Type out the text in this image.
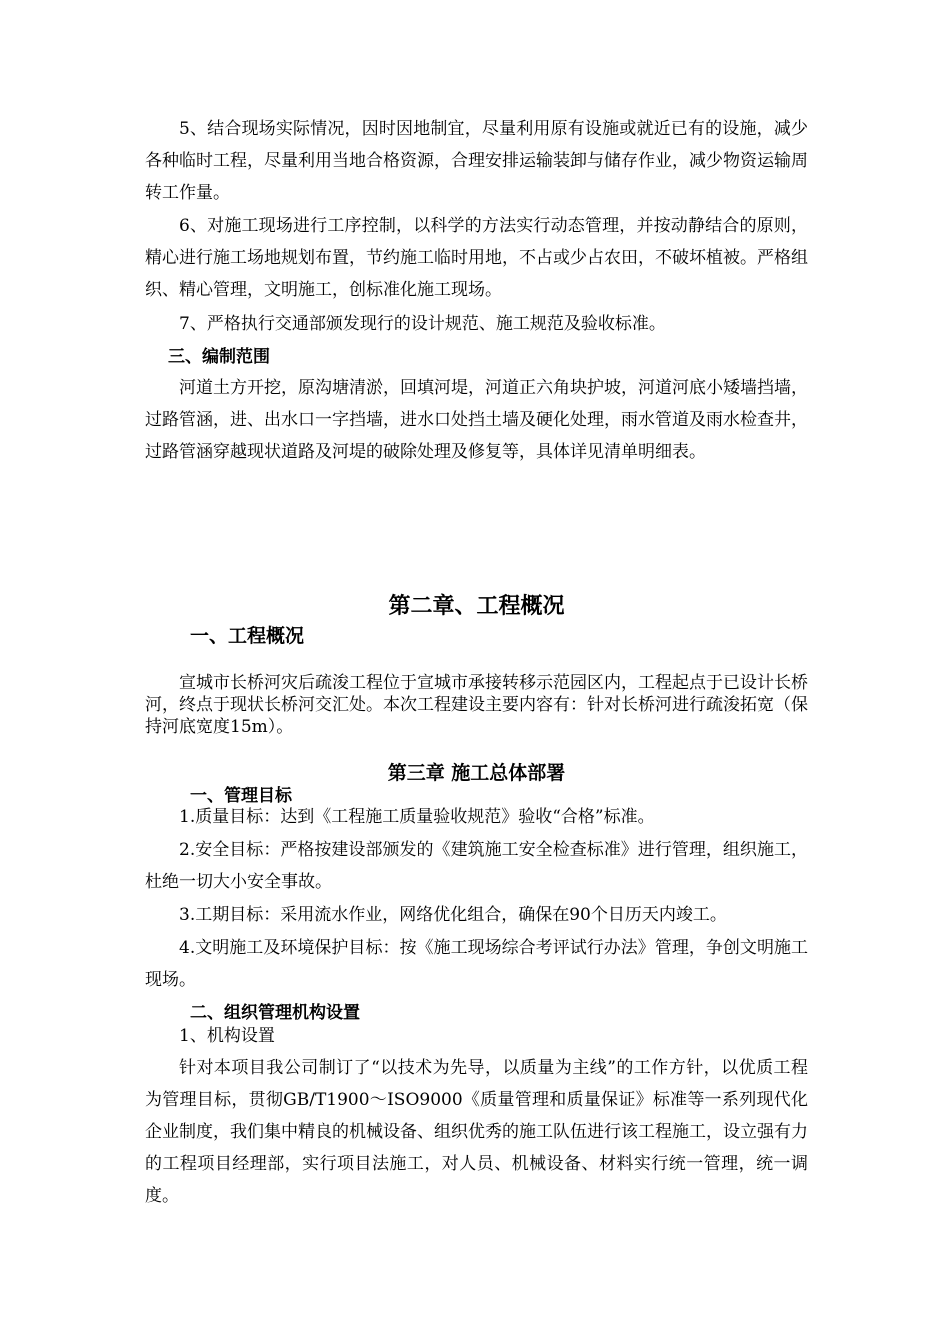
5、结合现场实际情况，因时因地制宜，尽量利用原有设施或就近已有的设施，减少各种临时工程，尽量利用当地合格资源，合理安排运输装卸与储存作业，减少物资运输周转工作量。

6、对施工现场进行工序控制，以科学的方法实行动态管理，并按动静结合的原则，精心进行施工场地规划布置，节约施工临时用地，不占或少占农田，不破坏植被。严格组织、精心管理，文明施工，创标准化施工现场。

7、严格执行交通部颁发现行的设计规范、施工规范及验收标准。

三、编制范围

河道土方开挖，原沟塘清淤，回填河堤，河道正六角块护坡，河道河底小矮墙挡墙，过路管涵，进、出水口一字挡墙，进水口处挡土墙及硬化处理，雨水管道及雨水检查井，过路管涵穿越现状道路及河堤的破除处理及修复等，具体详见清单明细表。

第二章、工程概况

一、工程概况

宣城市长桥河灾后疏浚工程位于宣城市承接转移示范园区内，工程起点于已设计长桥河，终点于现状长桥河交汇处。本次工程建设主要内容有：针对长桥河进行疏浚拓宽（保持河底宽度15m）。

第三章 施工总体部署

一、管理目标

1.质量目标：达到《工程施工质量验收规范》验收“合格”标准。

2.安全目标：严格按建设部颁发的《建筑施工安全检查标准》进行管理，组织施工，杜绝一切大小安全事故。

3.工期目标：采用流水作业，网络优化组合，确保在90个日历天内竣工。

4.文明施工及环境保护目标：按《施工现场综合考评试行办法》管理，争创文明施工现场。

二、组织管理机构设置

1、机构设置

针对本项目我公司制订了“以技术为先导，以质量为主线”的工作方针，以优质工程为管理目标，贯彻GB/T1900～ISO9000《质量管理和质量保证》标准等一系列现代化企业制度，我们集中精良的机械设备、组织优秀的施工队伍进行该工程施工，设立强有力的工程项目经理部，实行项目法施工，对人员、机械设备、材料实行统一管理，统一调度。
